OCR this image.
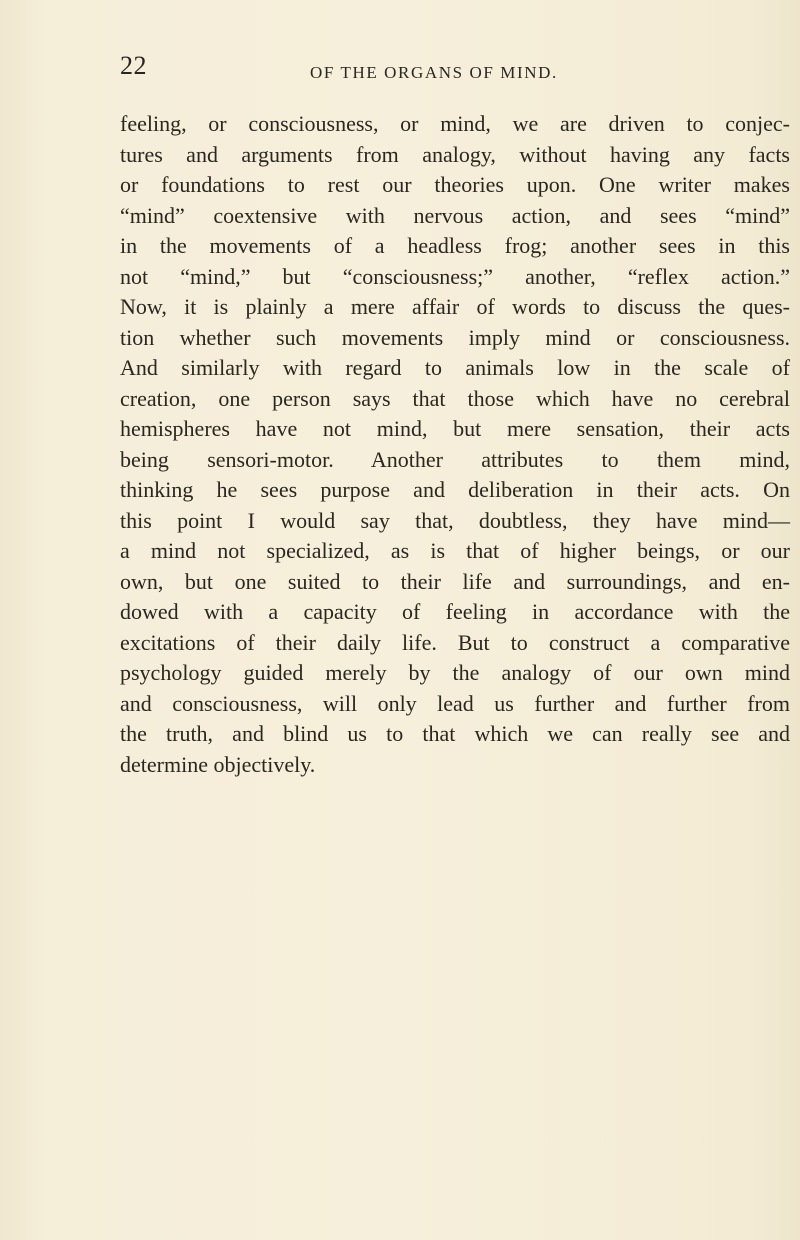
22	OF THE ORGANS OF MIND.
feeling, or consciousness, or mind, we are driven to conjec-
tures and arguments from analogy, without having any facts
or foundations to rest our theories upon. One writer makes
“mind” coextensive with nervous action, and sees “mind”
in the movements of a headless frog; another sees in this
not “mind,” but “consciousness;” another, “reflex action.”
Now, it is plainly a mere affair of words to discuss the ques-
tion whether such movements imply mind or consciousness.
And similarly with regard to animals low in the scale of
creation, one person says that those which have no cerebral
hemispheres have not mind, but mere sensation, their acts
being sensori-motor. Another attributes to them mind,
thinking he sees purpose and deliberation in their acts. On
this point I would say that, doubtless, they have mind—
a mind not specialized, as is that of higher beings, or our
own, but one suited to their life and surroundings, and en-
dowed with a capacity of feeling in accordance with the
excitations of their daily life. But to construct a comparative
psychology guided merely by the analogy of our own mind
and consciousness, will only lead us further and further from
the truth, and blind us to that which we can really see and
determine objectively.
